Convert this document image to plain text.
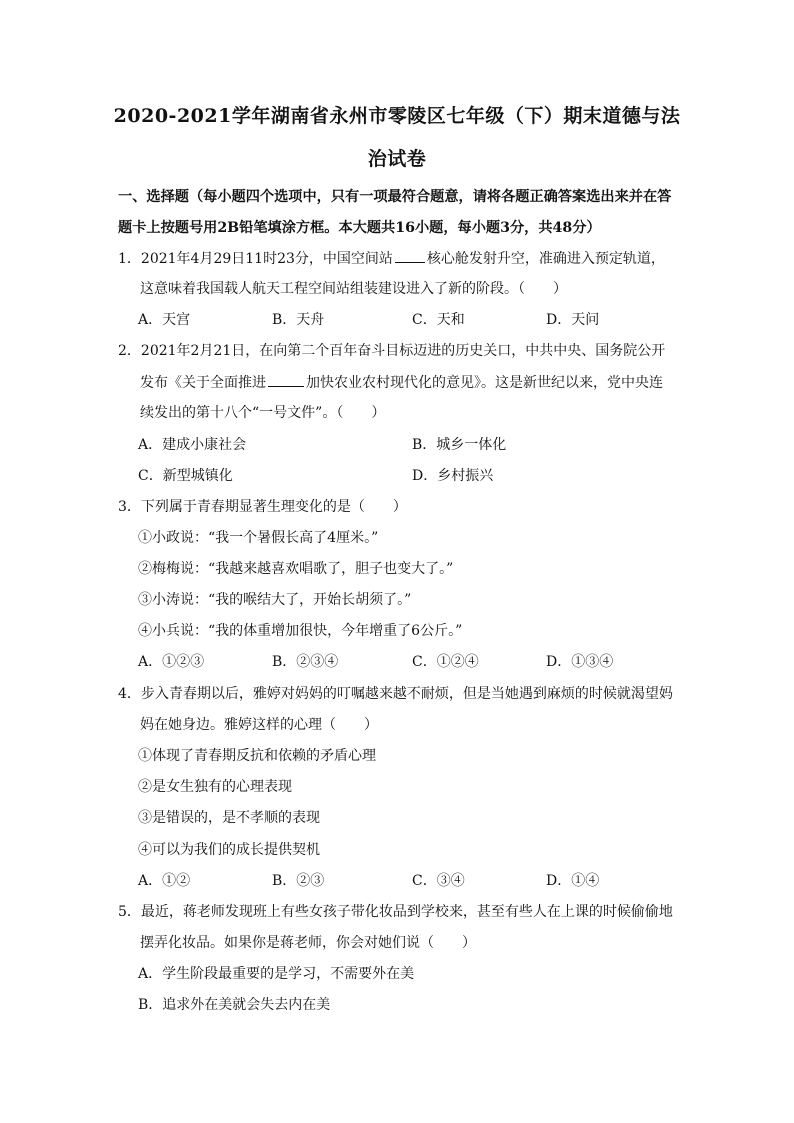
2020-2021学年湖南省永州市零陵区七年级（下）期末道德与法
治试卷
一、选择题（每小题四个选项中，只有一项最符合题意，请将各题正确答案选出来并在答
题卡上按题号用2B铅笔填涂方框。本大题共16小题，每小题3分，共48分）
1．2021年4月29日11时23分，中国空间站 核心舱发射升空，准确进入预定轨道，
这意味着我国载人航天工程空间站组装建设进入了新的阶段。（　　）
A．天宫	B．天舟	C．天和	D．天问
2．2021年2月21日，在向第二个百年奋斗目标迈进的历史关口，中共中央、国务院公开
发布《关于全面推进	加快农业农村现代化的意见》。这是新世纪以来，党中央连
续发出的第十八个“一号文件”。（　　）
A．建成小康社会	B．城乡一体化
C．新型城镇化	D．乡村振兴
3．下列属于青春期显著生理变化的是（　　）
①小政说：“我一个暑假长高了4厘米。”
②梅梅说：“我越来越喜欢唱歌了，胆子也变大了。”
③小涛说：“我的喉结大了，开始长胡须了。”
④小兵说：“我的体重增加很快，今年增重了6公斤。”
A．①②③	B．②③④	C．①②④	D．①③④
4．步入青春期以后，雅婷对妈妈的叮嘱越来越不耐烦，但是当她遇到麻烦的时候就渴望妈
妈在她身边。雅婷这样的心理（　　）
①体现了青春期反抗和依赖的矛盾心理
②是女生独有的心理表现
③是错误的，是不孝顺的表现
④可以为我们的成长提供契机
A．①②	B．②③	C．③④	D．①④
5．最近，蒋老师发现班上有些女孩子带化妆品到学校来，甚至有些人在上课的时候偷偷地
摆弄化妆品。如果你是蒋老师，你会对她们说（　　）
A．学生阶段最重要的是学习，不需要外在美
B．追求外在美就会失去内在美
